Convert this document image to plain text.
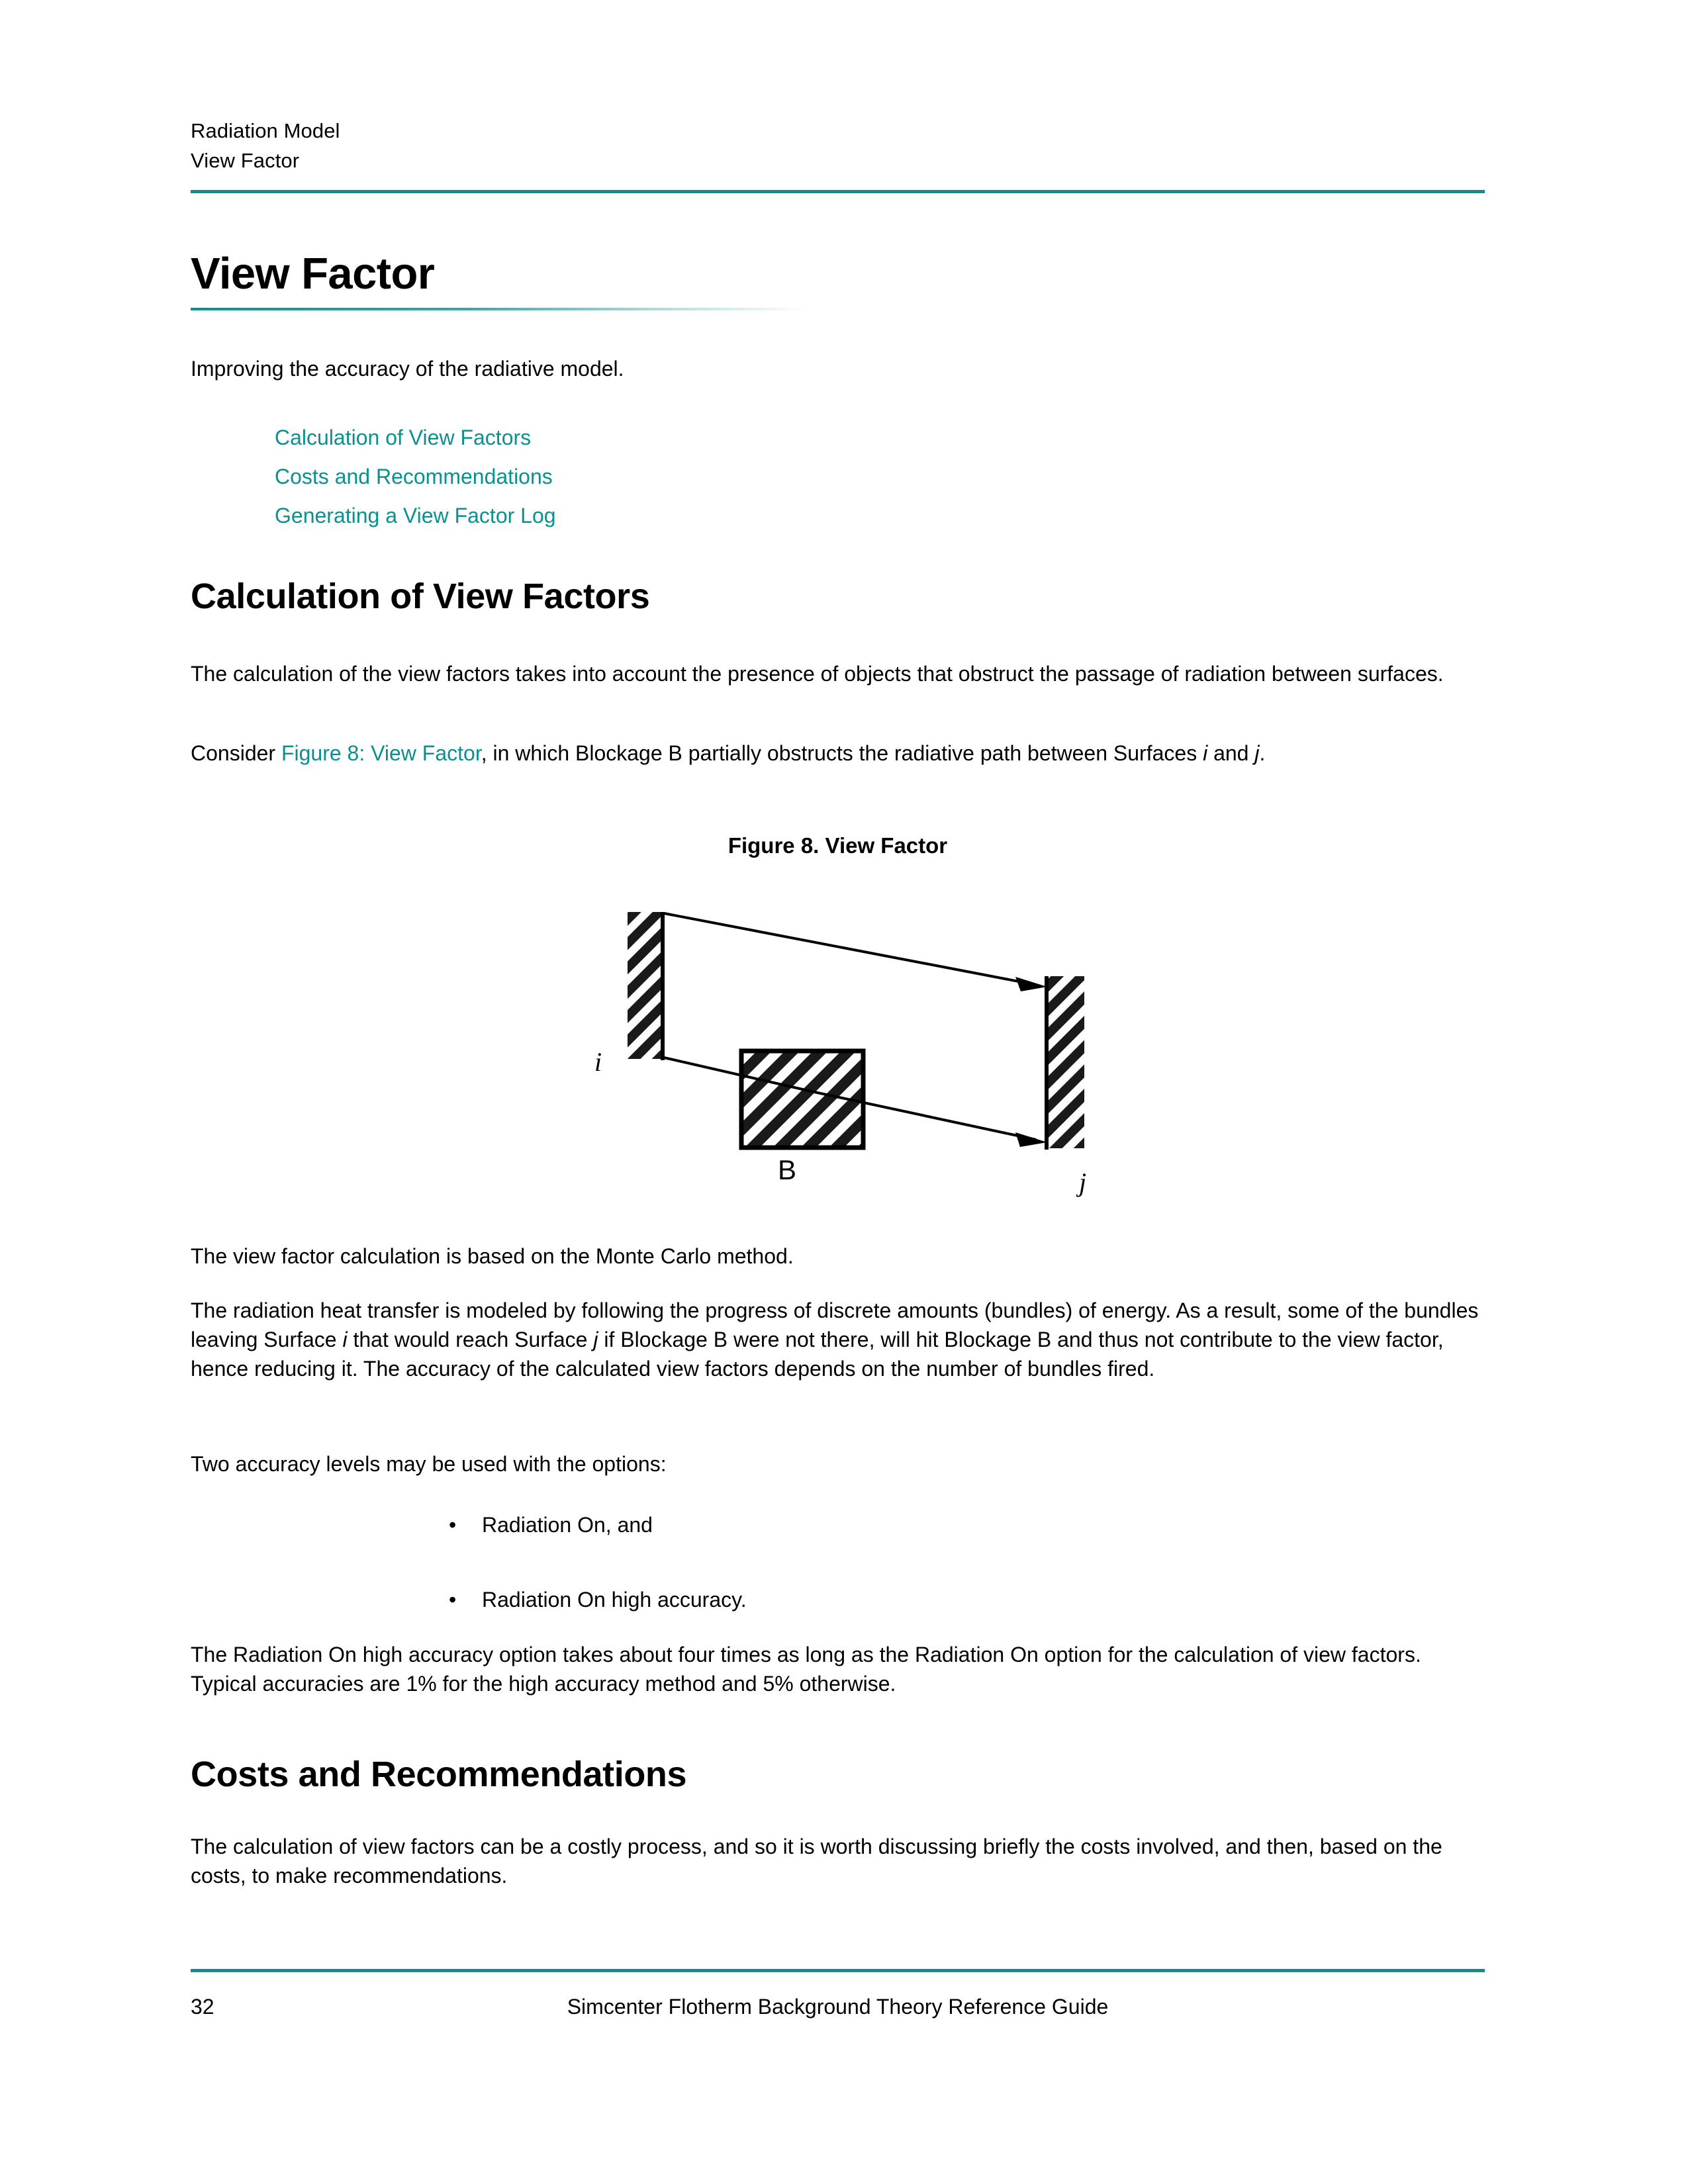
Radiation Model
View Factor
View Factor
Improving the accuracy of the radiative model.
Calculation of View Factors
Costs and Recommendations
Generating a View Factor Log
Calculation of View Factors
The calculation of the view factors takes into account the presence of objects that obstruct the passage of radiation between surfaces.
Consider Figure 8: View Factor, in which Blockage B partially obstructs the radiative path between Surfaces i and j.
Figure 8. View Factor
i
B	j
The view factor calculation is based on the Monte Carlo method.
The radiation heat transfer is modeled by following the progress of discrete amounts (bundles) of energy. As a result, some of the bundles leaving Surface i that would reach Surface j if Blockage B were not there, will hit Blockage B and thus not contribute to the view factor, hence reducing it. The accuracy of the calculated view factors depends on the number of bundles fired.
Two accuracy levels may be used with the options:
• Radiation On, and
• Radiation On high accuracy.
The Radiation On high accuracy option takes about four times as long as the Radiation On option for the calculation of view factors. Typical accuracies are 1% for the high accuracy method and 5% otherwise.
Costs and Recommendations
The calculation of view factors can be a costly process, and so it is worth discussing briefly the costs involved, and then, based on the costs, to make recommendations.
32	Simcenter Flotherm Background Theory Reference Guide
